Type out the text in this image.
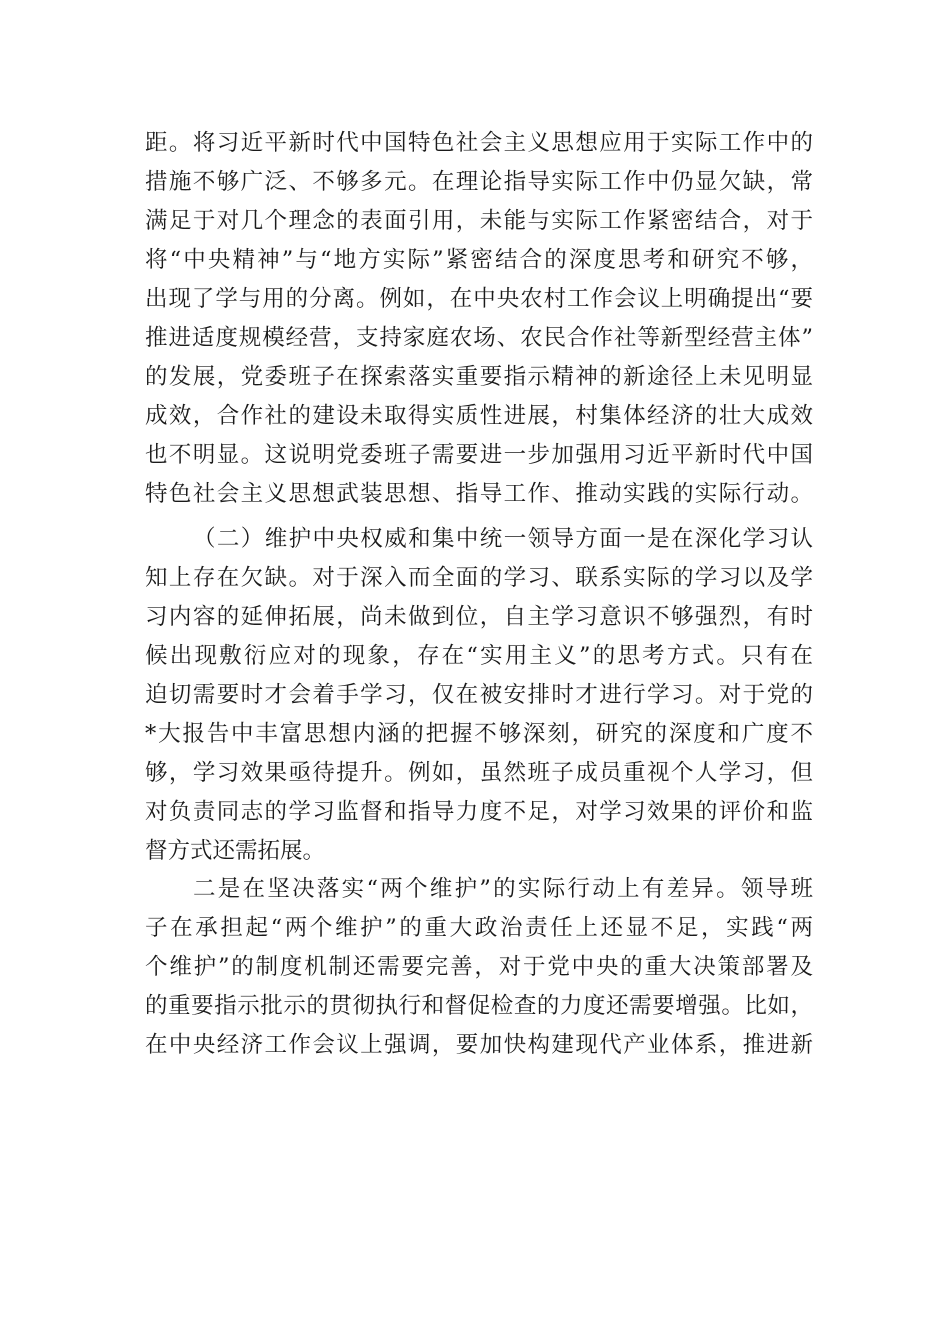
距。将习近平新时代中国特色社会主义思想应用于实际工作中的
措施不够广泛、不够多元。在理论指导实际工作中仍显欠缺，常
满足于对几个理念的表面引用，未能与实际工作紧密结合，对于
将“中央精神”与“地方实际”紧密结合的深度思考和研究不够，
出现了学与用的分离。例如，在中央农村工作会议上明确提出“要
推进适度规模经营，支持家庭农场、农民合作社等新型经营主体”
的发展，党委班子在探索落实重要指示精神的新途径上未见明显
成效，合作社的建设未取得实质性进展，村集体经济的壮大成效
也不明显。这说明党委班子需要进一步加强用习近平新时代中国
特色社会主义思想武装思想、指导工作、推动实践的实际行动。
（二）维护中央权威和集中统一领导方面一是在深化学习认
知上存在欠缺。对于深入而全面的学习、联系实际的学习以及学
习内容的延伸拓展，尚未做到位，自主学习意识不够强烈，有时
候出现敷衍应对的现象，存在“实用主义”的思考方式。只有在
迫切需要时才会着手学习，仅在被安排时才进行学习。对于党的
*大报告中丰富思想内涵的把握不够深刻，研究的深度和广度不
够，学习效果亟待提升。例如，虽然班子成员重视个人学习，但
对负责同志的学习监督和指导力度不足，对学习效果的评价和监
督方式还需拓展。
二是在坚决落实“两个维护”的实际行动上有差异。领导班
子在承担起“两个维护”的重大政治责任上还显不足，实践“两
个维护”的制度机制还需要完善，对于党中央的重大决策部署及
的重要指示批示的贯彻执行和督促检查的力度还需要增强。比如，
在中央经济工作会议上强调，要加快构建现代产业体系，推进新
